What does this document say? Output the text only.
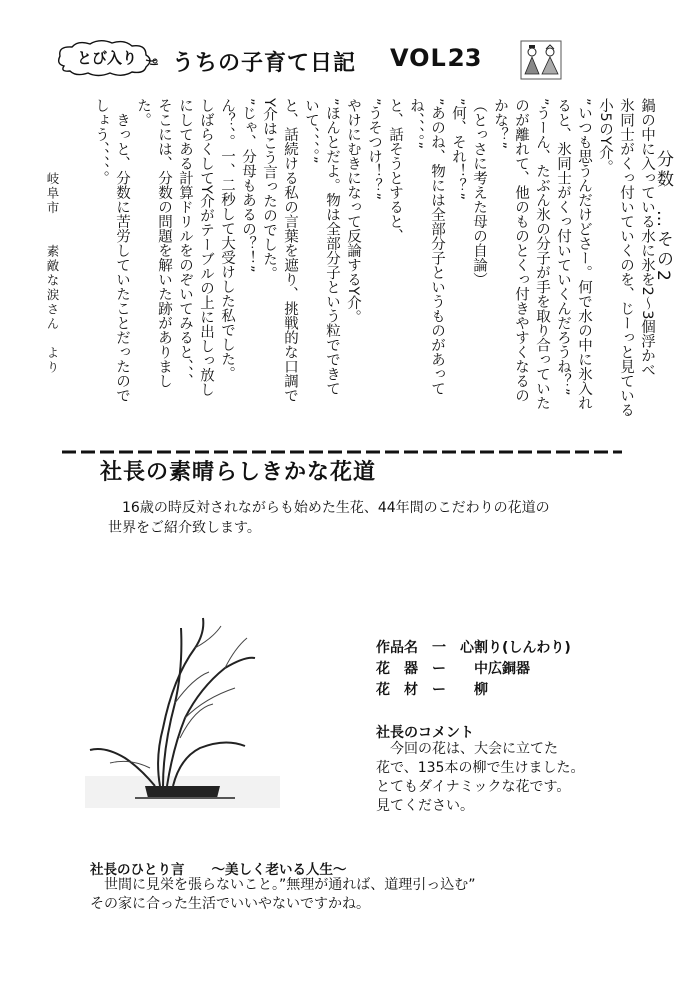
とび入り うちの子育て日記 VOL.
23
分数　…その2
鍋の中に入っている水に氷を2〜3個浮かべ
氷同士がくっ付いていくのを、じーっと見ている
小5のY介。
”いつも思うんだけどさー。何で水の中に氷入れ
ると、氷同士がくっ付いていくんだろうね？”
”うーん、たぶん氷の分子が手を取り合っていた
のが離れて、他のものとくっ付きやすくなるの
かな？”
（とっさに考えた母の自論）
”何、それ！？”
”あのね、物には全部分子というものがあって
ね、、、。”
と、話そうとすると、
”うそつけ！？”
やけにむきになって反論するY介。
”ほんとだよ。物は全部分子という粒でできて
いて、、、。”
と、話続ける私の言葉を遮り、挑戦的な口調で
Y介はこう言ったのでした。
”じゃ、分母もあるの？！”
ん？、。一、二秒して大受けした私でした。
しばらくしてY介がテーブルの上に出しっ放し
にしてある計算ドリルをのぞいてみると、、、
そこには、分数の問題を解いた跡がありまし
た。
　きっと、分数に苦労していたことだったので
しょう、、、、。
岐阜市　　素敵な涙さん　より
社長の素晴らしきかな花道
16歳の時反対されながらも始めた生花、44年間のこだわりの花道の
世界をご紹介致します。
作品名　一　心割り(しんわり)
花　器　ー　　中広銅器
花　材　ー　　柳
社長のコメント
今回の花は、大会に立てた
花で、135本の柳で生けました。
とてもダイナミックな花です。
見てください。
社長のひとり言　　〜美しく老いる人生〜
　世間に見栄を張らないこと。”無理が通れば、道理引っ込む”
その家に合った生活でいいやないですかね。
